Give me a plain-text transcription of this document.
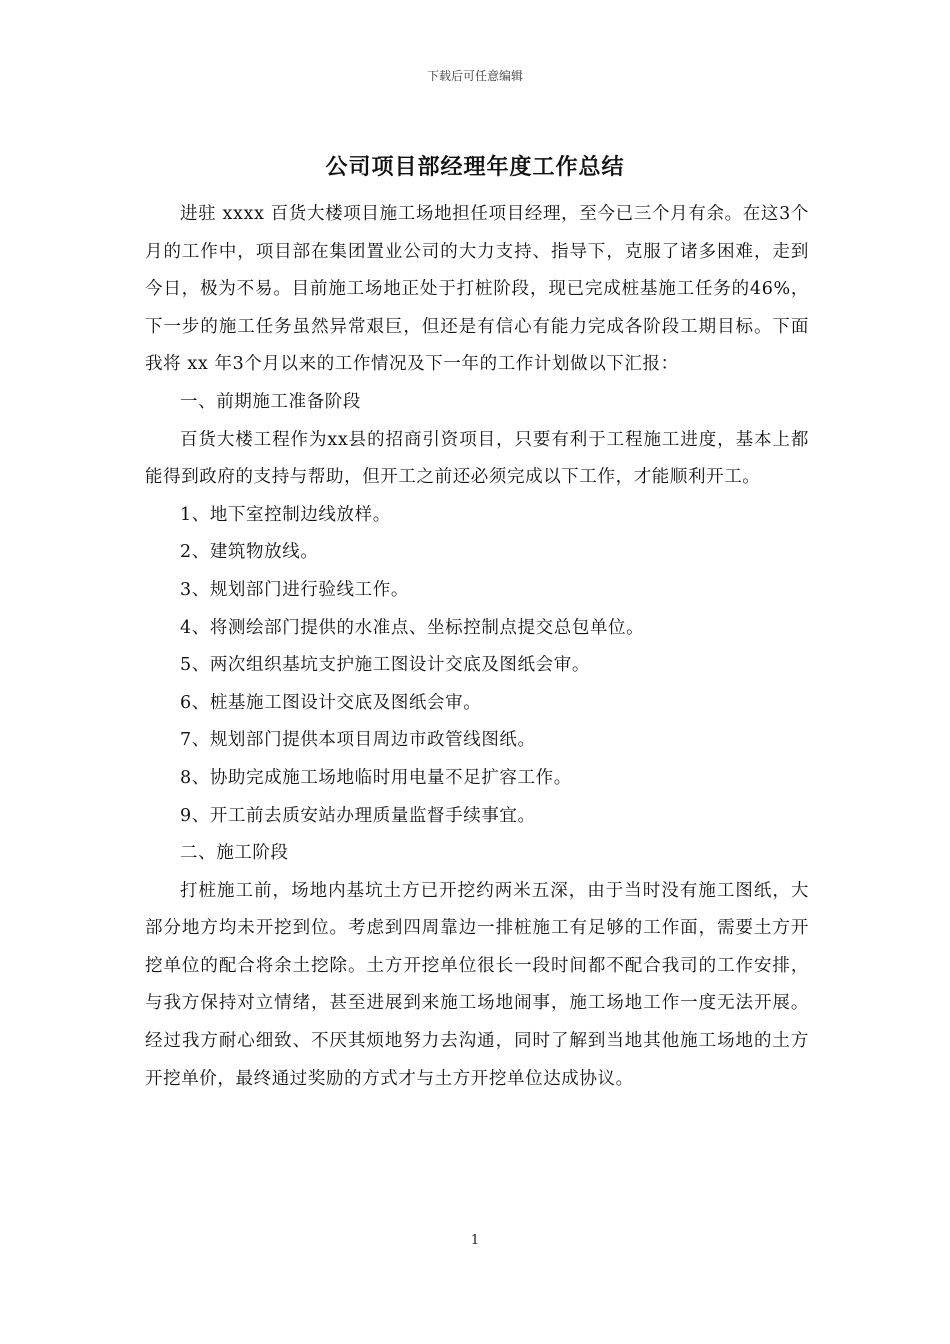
下载后可任意编辑
公司项目部经理年度工作总结

进驻 xxxx 百货大楼项目施工场地担任项目经理，至今已三个月有余。在这3个月的工作中，项目部在集团置业公司的大力支持、指导下，克服了诸多困难，走到今日，极为不易。目前施工场地正处于打桩阶段，现已完成桩基施工任务的46%，下一步的施工任务虽然异常艰巨，但还是有信心有能力完成各阶段工期目标。下面我将 xx 年3个月以来的工作情况及下一年的工作计划做以下汇报：

一、前期施工准备阶段

百货大楼工程作为xx县的招商引资项目，只要有利于工程施工进度，基本上都能得到政府的支持与帮助，但开工之前还必须完成以下工作，才能顺利开工。

1、地下室控制边线放样。

2、建筑物放线。

3、规划部门进行验线工作。

4、将测绘部门提供的水准点、坐标控制点提交总包单位。

5、两次组织基坑支护施工图设计交底及图纸会审。

6、桩基施工图设计交底及图纸会审。

7、规划部门提供本项目周边市政管线图纸。

8、协助完成施工场地临时用电量不足扩容工作。

9、开工前去质安站办理质量监督手续事宜。

二、施工阶段

打桩施工前，场地内基坑土方已开挖约两米五深，由于当时没有施工图纸，大部分地方均未开挖到位。考虑到四周靠边一排桩施工有足够的工作面，需要土方开挖单位的配合将余土挖除。土方开挖单位很长一段时间都不配合我司的工作安排，与我方保持对立情绪，甚至进展到来施工场地闹事，施工场地工作一度无法开展。经过我方耐心细致、不厌其烦地努力去沟通，同时了解到当地其他施工场地的土方开挖单价，最终通过奖励的方式才与土方开挖单位达成协议。

1
